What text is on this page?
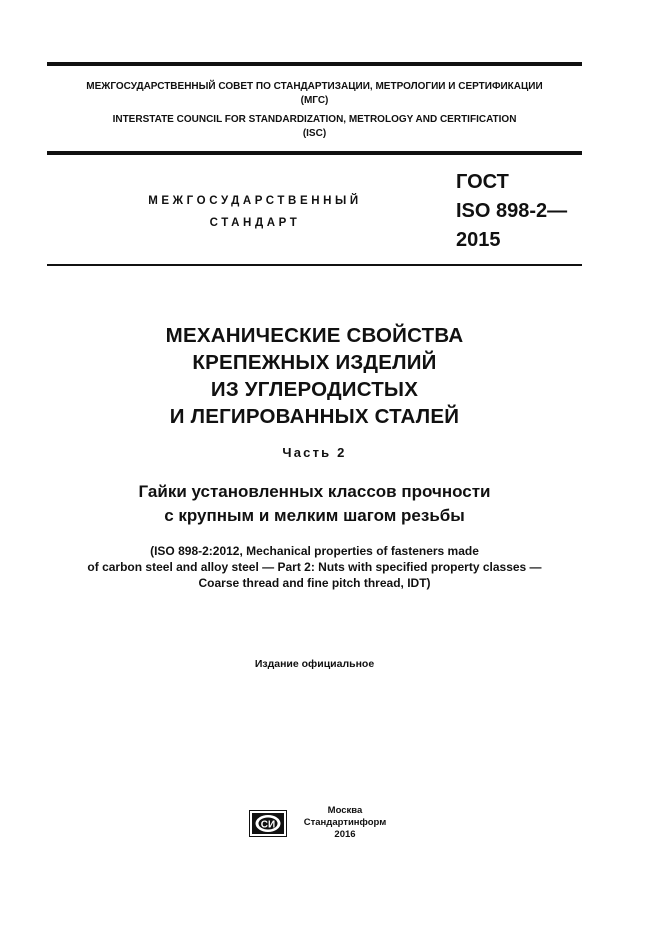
МЕЖГОСУДАРСТВЕННЫЙ СОВЕТ ПО СТАНДАРТИЗАЦИИ, МЕТРОЛОГИИ И СЕРТИФИКАЦИИ
(МГС)
INTERSTATE COUNCIL FOR STANDARDIZATION, METROLOGY AND CERTIFICATION
(ISC)
МЕЖГОСУДАРСТВЕННЫЙ
СТАНДАРТ
ГОСТ
ISO 898-2—
2015
МЕХАНИЧЕСКИЕ СВОЙСТВА
КРЕПЕЖНЫХ ИЗДЕЛИЙ
ИЗ УГЛЕРОДИСТЫХ
И ЛЕГИРОВАННЫХ СТАЛЕЙ
Часть 2
Гайки установленных классов прочности
с крупным и мелким шагом резьбы
(ISO 898-2:2012, Mechanical properties of fasteners made
of carbon steel and alloy steel — Part 2: Nuts with specified property classes —
Coarse thread and fine pitch thread, IDT)
Издание официальное
СИ
Москва
Стандартинформ
2016
